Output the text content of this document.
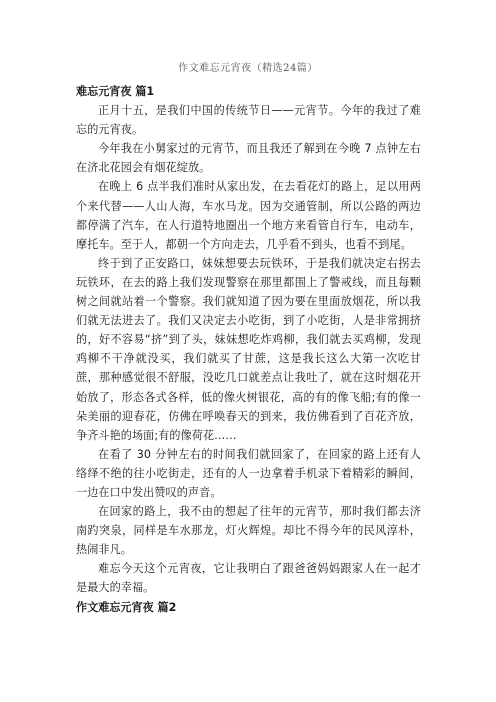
作文难忘元宵夜（精选24篇）
难忘元宵夜 篇1

正月十五，是我们中国的传统节日——元宵节。今年的我过了难忘的元宵夜。

今年我在小舅家过的元宵节，而且我还了解到在今晚 7 点钟左右在济北花园会有烟花绽放。

在晚上 6 点半我们准时从家出发，在去看花灯的路上，足以用两个来代替——人山人海，车水马龙。因为交通管制，所以公路的两边都停满了汽车，在人行道特地圈出一个地方来看管自行车，电动车，摩托车。至于人，都朝一个方向走去，几乎看不到头，也看不到尾。

终于到了正安路口，妹妹想要去玩铁环，于是我们就决定右拐去玩铁环，在去的路上我们发现警察在那里都围上了警戒线，而且每颗树之间就站着一个警察。我们就知道了因为要在里面放烟花，所以我们就无法进去了。我们又决定去小吃街，到了小吃街，人是非常拥挤的，好不容易“挤”到了头，妹妹想吃炸鸡柳，我们就去买鸡柳，发现鸡柳不干净就没买，我们就买了甘蔗，这是我长这么大第一次吃甘蔗，那种感觉很不舒服，没吃几口就差点让我吐了，就在这时烟花开始放了，形态各式各样，低的像火树银花，高的有的像飞船;有的像一朵美丽的迎春花，仿佛在呼唤春天的到来，我仿佛看到了百花齐放，争齐斗艳的场面;有的像荷花……

在看了 30 分钟左右的时间我们就回家了，在回家的路上还有人络绎不绝的往小吃街走，还有的人一边拿着手机录下着精彩的瞬间，一边在口中发出赞叹的声音。

在回家的路上，我不由的想起了往年的元宵节，那时我们都去济南趵突泉，同样是车水那龙，灯火辉煌。却比不得今年的民风淳朴，热闹非凡。

难忘今天这个元宵夜，它让我明白了跟爸爸妈妈跟家人在一起才是最大的幸福。

作文难忘元宵夜 篇2
